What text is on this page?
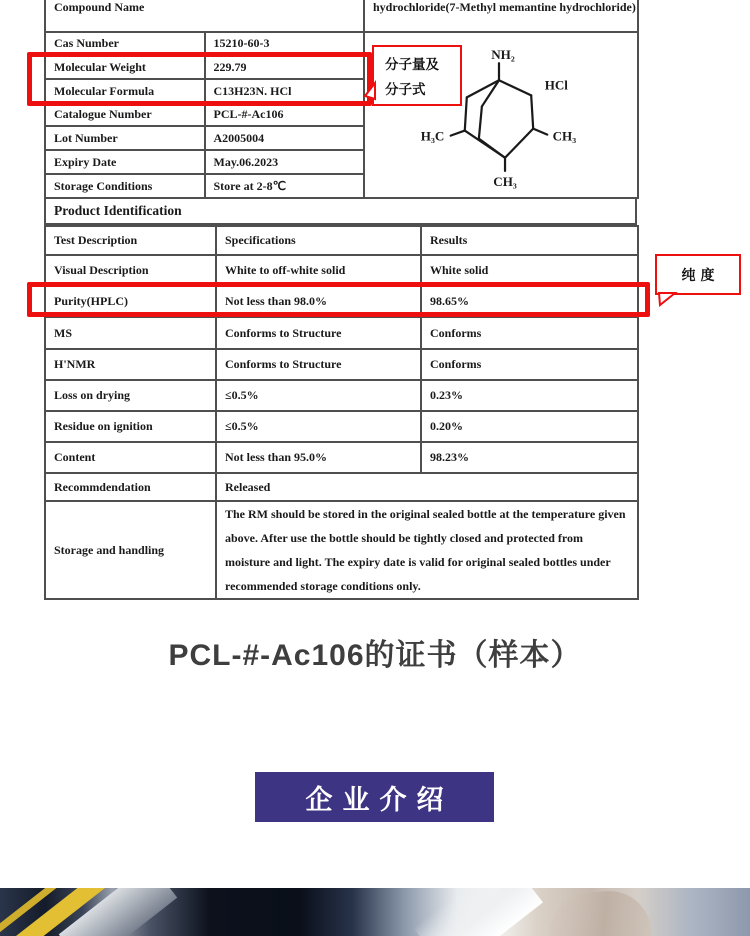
Compound Name		hydrochloride(7-Methyl memantine hydrochloride)
Cas Number	15210-60-3	NH₂
HCl
H₃C CH₃
CH₃

Molecular Weight	229.79	
Molecular Formula	C13H23N. HCl	
Catalogue Number	PCL-#-Ac106	
Lot Number	A2005004	
Expiry Date	May.06.2023	
Storage Conditions	Store at 2-8℃	
Product Identification
Test Description	Specifications	Results
Visual Description	White to off-white solid	White solid
Purity(HPLC)	Not less than 98.0%	98.65%
MS	Conforms to Structure	Conforms
H'NMR	Conforms to Structure	Conforms
Loss on drying	≤0.5%	0.23%
Residue on ignition	≤0.5%	0.20%
Content	Not less than 95.0%	98.23%
Recommdendation	Released	
Storage and handling	The RM should be stored in the original sealed bottle at the temperature given above. After use the bottle should be tightly closed and protected from moisture and light. The expiry date is valid for original sealed bottles under recommended storage conditions only.	
分子量及
分子式
纯度
PCL-#-Ac106的证书（样本）
企业介绍
